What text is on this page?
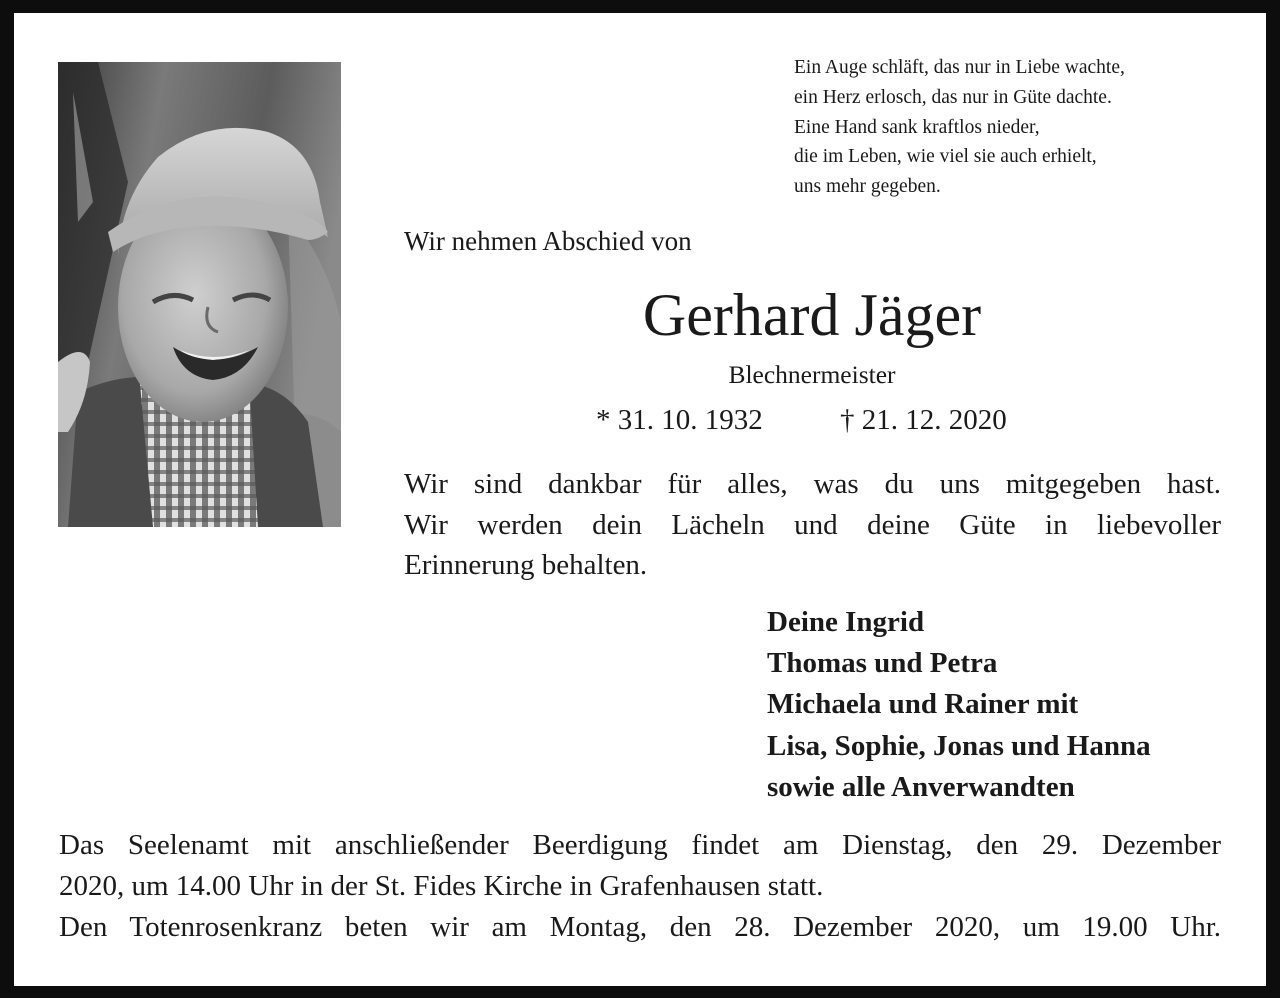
Ein Auge schläft, das nur in Liebe wachte,
ein Herz erlosch, das nur in Güte dachte.
Eine Hand sank kraftlos nieder,
die im Leben, wie viel sie auch erhielt,
uns mehr gegeben.
Wir nehmen Abschied von
Gerhard Jäger
Blechnermeister
* 31. 10. 1932	† 21. 12. 2020
Wir sind dankbar für alles, was du uns mitgegeben hast.
Wir werden dein Lächeln und deine Güte in liebevoller
Erinnerung behalten.
Deine Ingrid
Thomas und Petra
Michaela und Rainer mit
Lisa, Sophie, Jonas und Hanna
sowie alle Anverwandten
Das Seelenamt mit anschließender Beerdigung findet am Dienstag, den 29. Dezember
2020, um 14.00 Uhr in der St. Fides Kirche in Grafenhausen statt.
Den Totenrosenkranz beten wir am Montag, den 28. Dezember 2020, um 19.00 Uhr.
